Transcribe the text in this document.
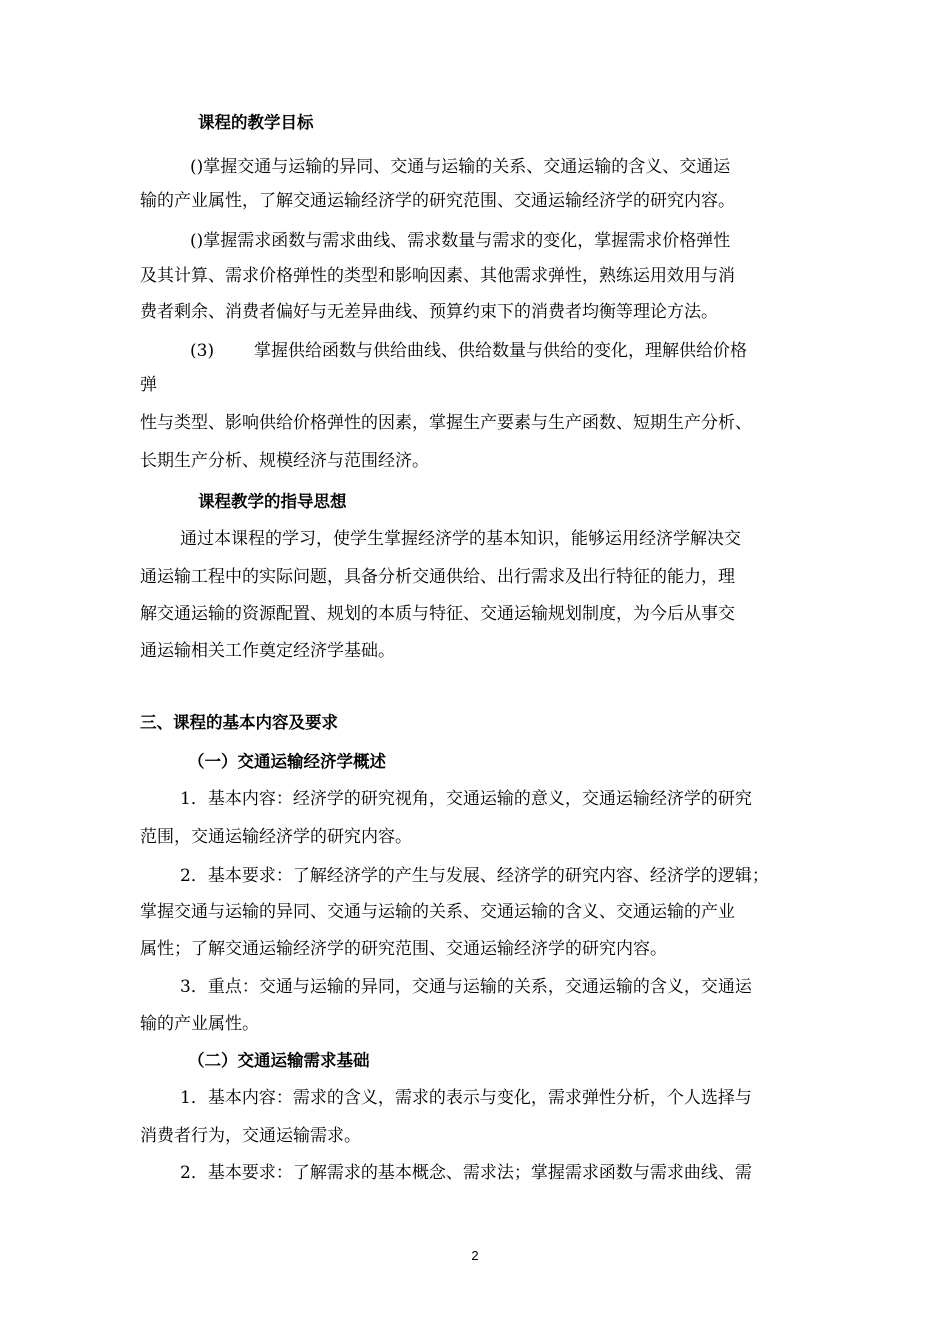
课程的教学目标
()掌握交通与运输的异同、交通与运输的关系、交通运输的含义、交通运
输的产业属性，了解交通运输经济学的研究范围、交通运输经济学的研究内容。
()掌握需求函数与需求曲线、需求数量与需求的变化，掌握需求价格弹性
及其计算、需求价格弹性的类型和影响因素、其他需求弹性，熟练运用效用与消
费者剩余、消费者偏好与无差异曲线、预算约束下的消费者均衡等理论方法。
(3) 掌握供给函数与供给曲线、供给数量与供给的变化，理解供给价格
弹
性与类型、影响供给价格弹性的因素，掌握生产要素与生产函数、短期生产分析、
长期生产分析、规模经济与范围经济。
课程教学的指导思想
通过本课程的学习，使学生掌握经济学的基本知识，能够运用经济学解决交
通运输工程中的实际问题，具备分析交通供给、出行需求及出行特征的能力，理
解交通运输的资源配置、规划的本质与特征、交通运输规划制度，为今后从事交
通运输相关工作奠定经济学基础。
三、课程的基本内容及要求
（一）交通运输经济学概述
1．基本内容：经济学的研究视角，交通运输的意义，交通运输经济学的研究
范围，交通运输经济学的研究内容。
2．基本要求：了解经济学的产生与发展、经济学的研究内容、经济学的逻辑；
掌握交通与运输的异同、交通与运输的关系、交通运输的含义、交通运输的产业
属性；了解交通运输经济学的研究范围、交通运输经济学的研究内容。
3．重点：交通与运输的异同，交通与运输的关系，交通运输的含义，交通运
输的产业属性。
（二）交通运输需求基础
1．基本内容：需求的含义，需求的表示与变化，需求弹性分析，个人选择与
消费者行为，交通运输需求。
2．基本要求：了解需求的基本概念、需求法；掌握需求函数与需求曲线、需
2
